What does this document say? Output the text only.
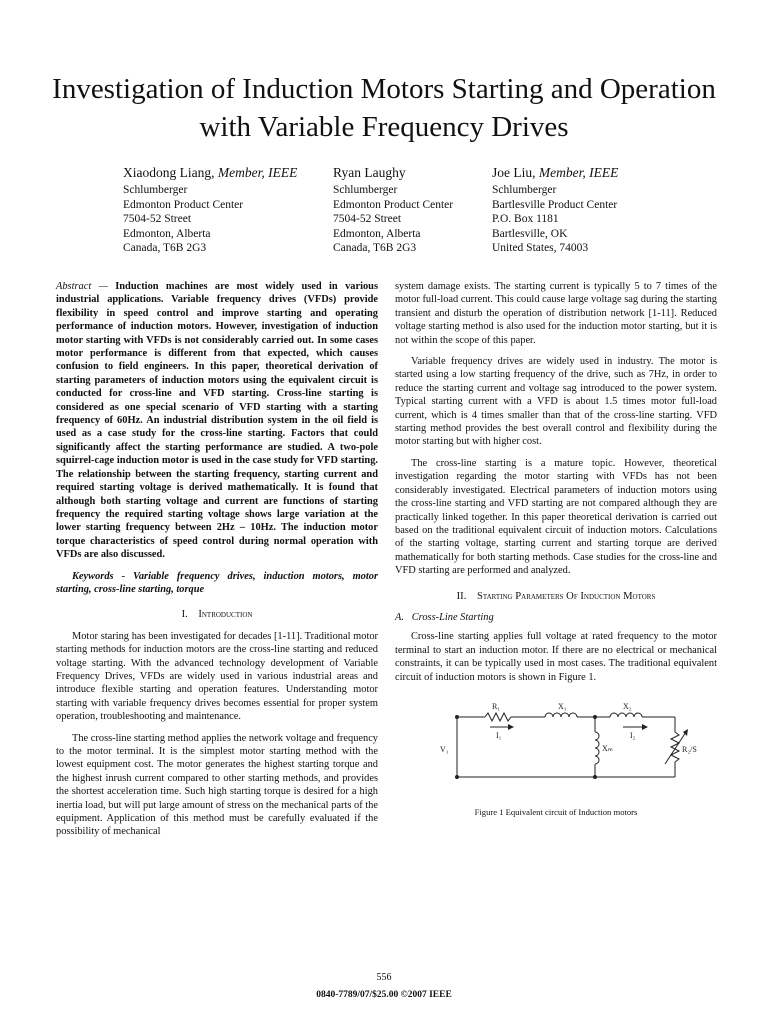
Investigation of Induction Motors Starting and Operation with Variable Frequency Drives
Xiaodong Liang, Member, IEEE
Schlumberger
Edmonton Product Center
7504-52 Street
Edmonton, Alberta
Canada, T6B 2G3
Ryan Laughy
Schlumberger
Edmonton Product Center
7504-52 Street
Edmonton, Alberta
Canada, T6B 2G3
Joe Liu, Member, IEEE
Schlumberger
Bartlesville Product Center
P.O. Box 1181
Bartlesville, OK
United States, 74003

Abstract — Induction machines are most widely used in various industrial applications. Variable frequency drives (VFDs) provide flexibility in speed control and improve starting and operating performance of induction motors. However, investigation of induction motor starting with VFDs is not considerably carried out. In some cases motor performance is different from that expected, which causes confusion to field engineers. In this paper, theoretical derivation of starting parameters of induction motors using the equivalent circuit is conducted for cross-line and VFD starting. Cross-line starting is considered as one special scenario of VFD starting with a starting frequency of 60Hz. An industrial distribution system in the oil field is used as a case study for the cross-line starting. Factors that could significantly affect the starting performance are studied. A two-pole squirrel-cage induction motor is used in the case study for VFD starting. The relationship between the starting frequency, starting current and required starting voltage is derived mathematically. It is found that although both starting voltage and current are functions of starting frequency the required starting voltage shows large variation at the lower starting frequency between 2Hz – 10Hz. The induction motor torque characteristics of speed control during normal operation with VFDs are also discussed.

Keywords - Variable frequency drives, induction motors, motor starting, cross-line starting, torque

I. Introduction

Motor staring has been investigated for decades [1-11]. Traditional motor starting methods for induction motors are the cross-line starting and reduced voltage starting. With the advanced technology development of Variable Frequency Drives, VFDs are widely used in various industrial areas and introduce flexible starting and operation features. Understanding motor starting with variable frequency drives becomes essential for proper system operation, troubleshooting and maintenance.

The cross-line starting method applies the network voltage and frequency to the motor terminal. It is the simplest motor starting method with the lowest equipment cost. The motor generates the highest starting torque and the highest inrush current compared to other starting methods, and provides the shortest acceleration time. Such high starting torque is desired for a high inertia load, but will put large amount of stress on the mechanical parts of the equipment. Application of this method must be carefully evaluated if the possibility of mechanical

system damage exists. The starting current is typically 5 to 7 times of the motor full-load current. This could cause large voltage sag during the starting transient and disturb the operation of distribution network [1-11]. Reduced voltage starting method is also used for the induction motor starting, but it is not within the scope of this paper.

Variable frequency drives are widely used in industry. The motor is started using a low starting frequency of the drive, such as 7Hz, in order to reduce the starting current and voltage sag introduced to the power system. Typical starting current with a VFD is about 1.5 times motor full-load current, which is 4 times smaller than that of the cross-line starting. VFD starting method provides the best overall control and flexibility during the motor starting but with higher cost.

The cross-line starting is a mature topic. However, theoretical investigation regarding the motor starting with VFDs has not been considerably investigated. Electrical parameters of induction motors using the cross-line starting and VFD starting are not compared although they are practically linked together. In this paper theoretical derivation is carried out based on the traditional equivalent circuit of induction motors. Calculations of the starting voltage, starting current and starting torque are derived mathematically for both starting methods. Case studies for the cross-line and VFD starting are performed and analyzed.

II. Starting Parameters Of Induction Motors
A. Cross-Line Starting

Cross-line starting applies full voltage at rated frequency to the motor terminal to start an induction motor. If there are no electrical or mechanical constraints, it can be typically used in most cases. The traditional equivalent circuit of induction motors is shown in Figure 1.

R₁	X₁	X₂
I₁	I₂
Xₘ
V₁	R₂/S
Figure 1 Equivalent circuit of Induction motors
556
0840-7789/07/$25.00 ©2007 IEEE
